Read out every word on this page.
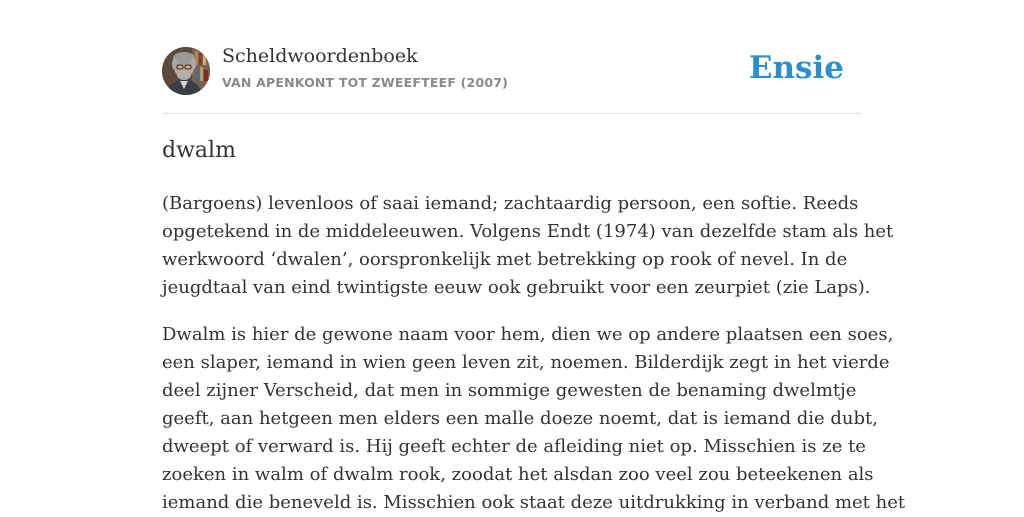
Scheldwoordenboek
VAN APENKONT TOT ZWEEFTEEF (2007)	Ensie
dwalm

(Bargoens) levenloos of saai iemand; zachtaardig persoon, een softie. Reeds
opgetekend in de middeleeuwen. Volgens Endt (1974) van dezelfde stam als het
werkwoord ‘dwalen’, oorspronkelijk met betrekking op rook of nevel. In de
jeugdtaal van eind twintigste eeuw ook gebruikt voor een zeurpiet (zie Laps).

Dwalm is hier de gewone naam voor hem, dien we op andere plaatsen een soes,
een slaper, iemand in wien geen leven zit, noemen. Bilderdijk zegt in het vierde
deel zijner Verscheid, dat men in sommige gewesten de benaming dwelmtje
geeft, aan hetgeen men elders een malle doeze noemt, dat is iemand die dubt,
dweept of verward is. Hij geeft echter de afleiding niet op. Misschien is ze te
zoeken in walm of dwalm rook, zoodat het alsdan zoo veel zou beteekenen als
iemand die beneveld is. Misschien ook staat deze uitdrukking in verband met het
